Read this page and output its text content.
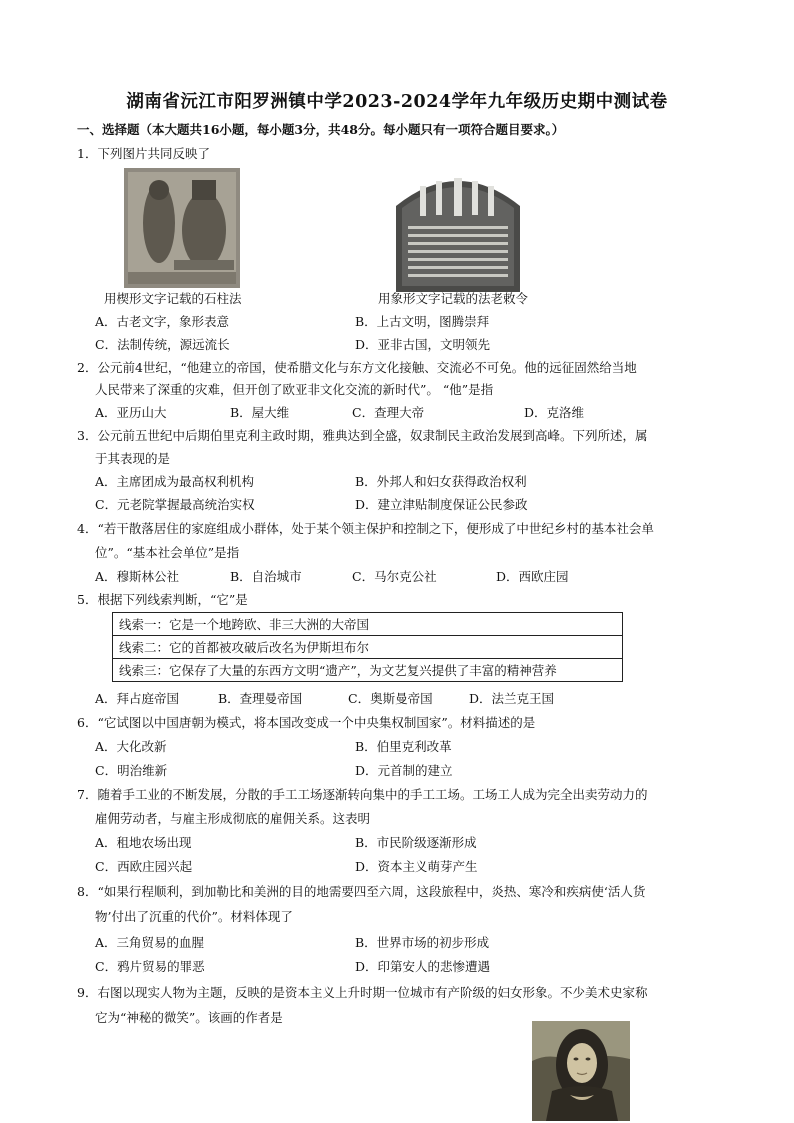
湖南省沅江市阳罗洲镇中学2023-2024学年九年级历史期中测试卷
一、选择题（本大题共16小题，每小题3分，共48分。每小题只有一项符合题目要求。）
1．下列图片共同反映了
用楔形文字记载的石柱法	用象形文字记载的法老敕令
A．古老文字，象形表意	B．上古文明，图腾崇拜
C．法制传统，源远流长	D．亚非古国，文明领先
2．公元前4世纪，“他建立的帝国，使希腊文化与东方文化接触、交流必不可免。他的远征固然给当地
人民带来了深重的灾难，但开创了欧亚非文化交流的新时代”。 “他”是指
A．亚历山大	B．屋大维	C．查理大帝	D．克洛维
3．公元前五世纪中后期伯里克利主政时期，雅典达到全盛，奴隶制民主政治发展到高峰。下列所述，属
于其表现的是
A．主席团成为最高权利机构	B．外邦人和妇女获得政治权利
C．元老院掌握最高统治实权	D．建立津贴制度保证公民参政
4．“若干散落居住的家庭组成小群体，处于某个领主保护和控制之下，便形成了中世纪乡村的基本社会单
位”。“基本社会单位”是指
A．穆斯林公社	B．自治城市	C．马尔克公社	D．西欧庄园
5．根据下列线索判断，“它”是
线索一：它是一个地跨欧、非三大洲的大帝国
线索二：它的首都被攻破后改名为伊斯坦布尔
线索三：它保存了大量的东西方文明“遗产”，为文艺复兴提供了丰富的精神营养
A．拜占庭帝国	B．查理曼帝国	C．奥斯曼帝国	D．法兰克王国
6．“它试图以中国唐朝为模式，将本国改变成一个中央集权制国家”。材料描述的是
A．大化改新	B．伯里克利改革
C．明治维新	D．元首制的建立
7．随着手工业的不断发展，分散的手工工场逐渐转向集中的手工工场。工场工人成为完全出卖劳动力的
雇佣劳动者，与雇主形成彻底的雇佣关系。这表明
A．租地农场出现	B．市民阶级逐渐形成
C．西欧庄园兴起	D．资本主义萌芽产生
8．“如果行程顺利，到加勒比和美洲的目的地需要四至六周，这段旅程中，炎热、寒冷和疾病使‘活人货
物’付出了沉重的代价”。材料体现了
A．三角贸易的血腥	B．世界市场的初步形成
C．鸦片贸易的罪恶	D．印第安人的悲惨遭遇
9．右图以现实人物为主题，反映的是资本主义上升时期一位城市有产阶级的妇女形象。不少美术史家称
它为“神秘的微笑”。该画的作者是
